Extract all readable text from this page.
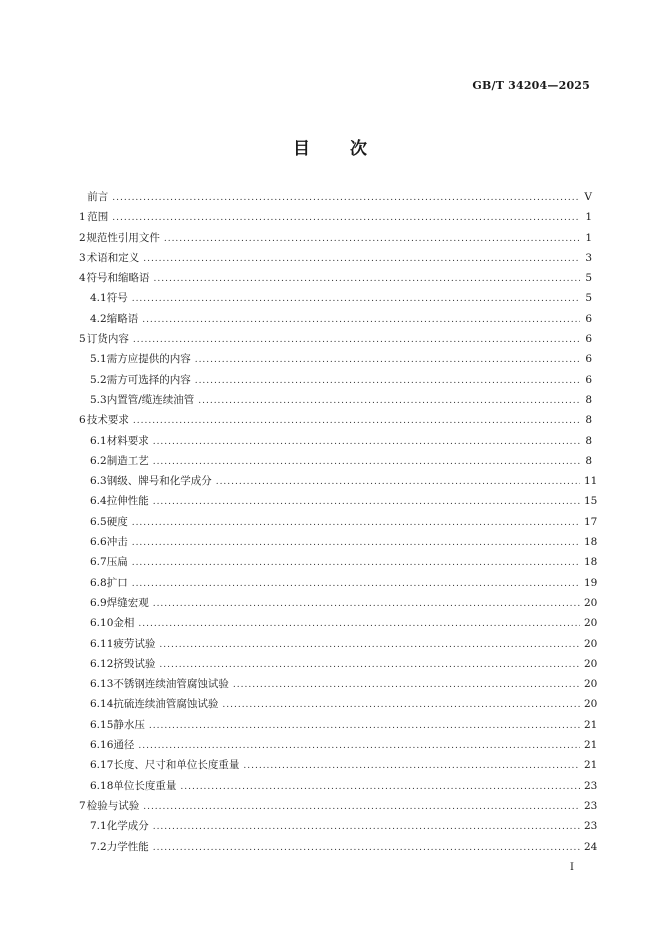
GB/T 34204—2025
目　　次
前言 .....	Ⅴ
1 范围 .....	1
2 规范性引用文件 .....	1
3 术语和定义 .....	3
4 符号和缩略语 .....	5
4.1 符号 .....	5
4.2 缩略语 .....	6
5 订货内容 .....	6
5.1 需方应提供的内容 .....	6
5.2 需方可选择的内容 .....	6
5.3 内置管/缆连续油管 .....	8
6 技术要求 .....	8
6.1 材料要求 .....	8
6.2 制造工艺 .....	8
6.3 钢级、牌号和化学成分 .....	11
6.4 拉伸性能 .....	15
6.5 硬度 .....	17
6.6 冲击 .....	18
6.7 压扁 .....	18
6.8 扩口 .....	19
6.9 焊缝宏观 .....	20
6.10 金相 .....	20
6.11 疲劳试验 .....	20
6.12 挤毁试验 .....	20
6.13 不锈钢连续油管腐蚀试验 .....	20
6.14 抗硫连续油管腐蚀试验 .....	20
6.15 静水压 .....	21
6.16 通径 .....	21
6.17 长度、尺寸和单位长度重量 .....	21
6.18 单位长度重量 .....	23
7 检验与试验 .....	23
7.1 化学成分 .....	23
7.2 力学性能 .....	24
Ⅰ
